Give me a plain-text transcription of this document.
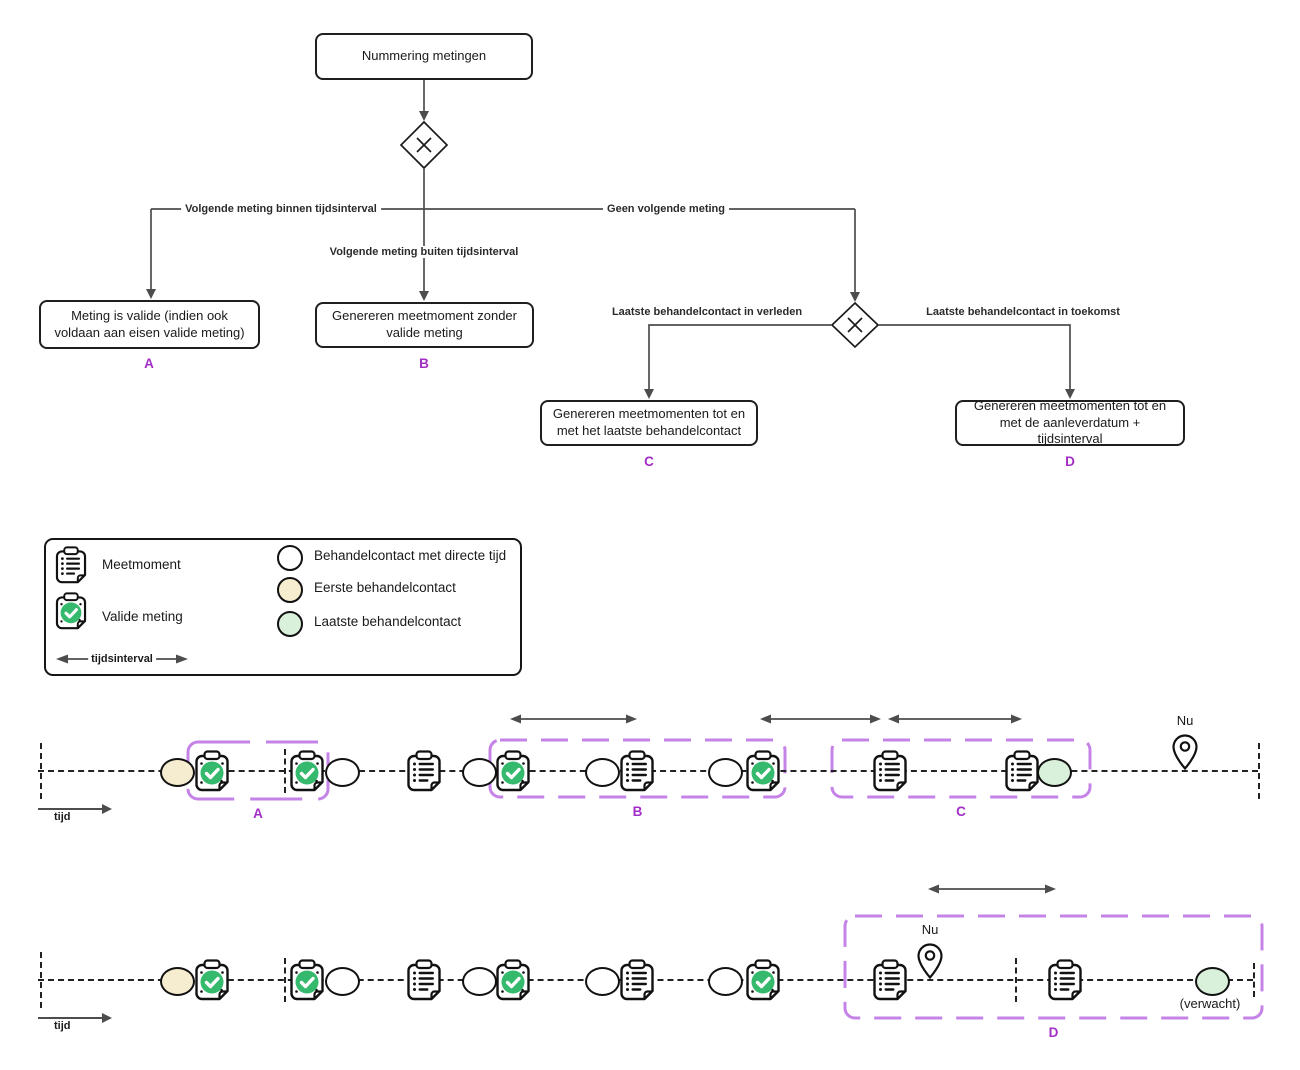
Nummering metingen
Meting is valide (indien ook voldaan aan eisen valide meting)
Genereren meetmoment zonder valide meting
Genereren meetmomenten tot en met het laatste behandelcontact
Genereren meetmomenten tot en met de aanleverdatum + tijdsinterval
A	B
C	D
Volgende meting binnen tijdsinterval	Geen volgende meting
Volgende meting buiten tijdsinterval
Laatste behandelcontact in verleden	Laatste behandelcontact in toekomst
Meetmoment
Valide meting
tijdsinterval
Behandelcontact met directe tijd
Eerste behandelcontact
Laatste behandelcontact
A	B	C
Nu
tijd
D
Nu
(verwacht)
tijd
